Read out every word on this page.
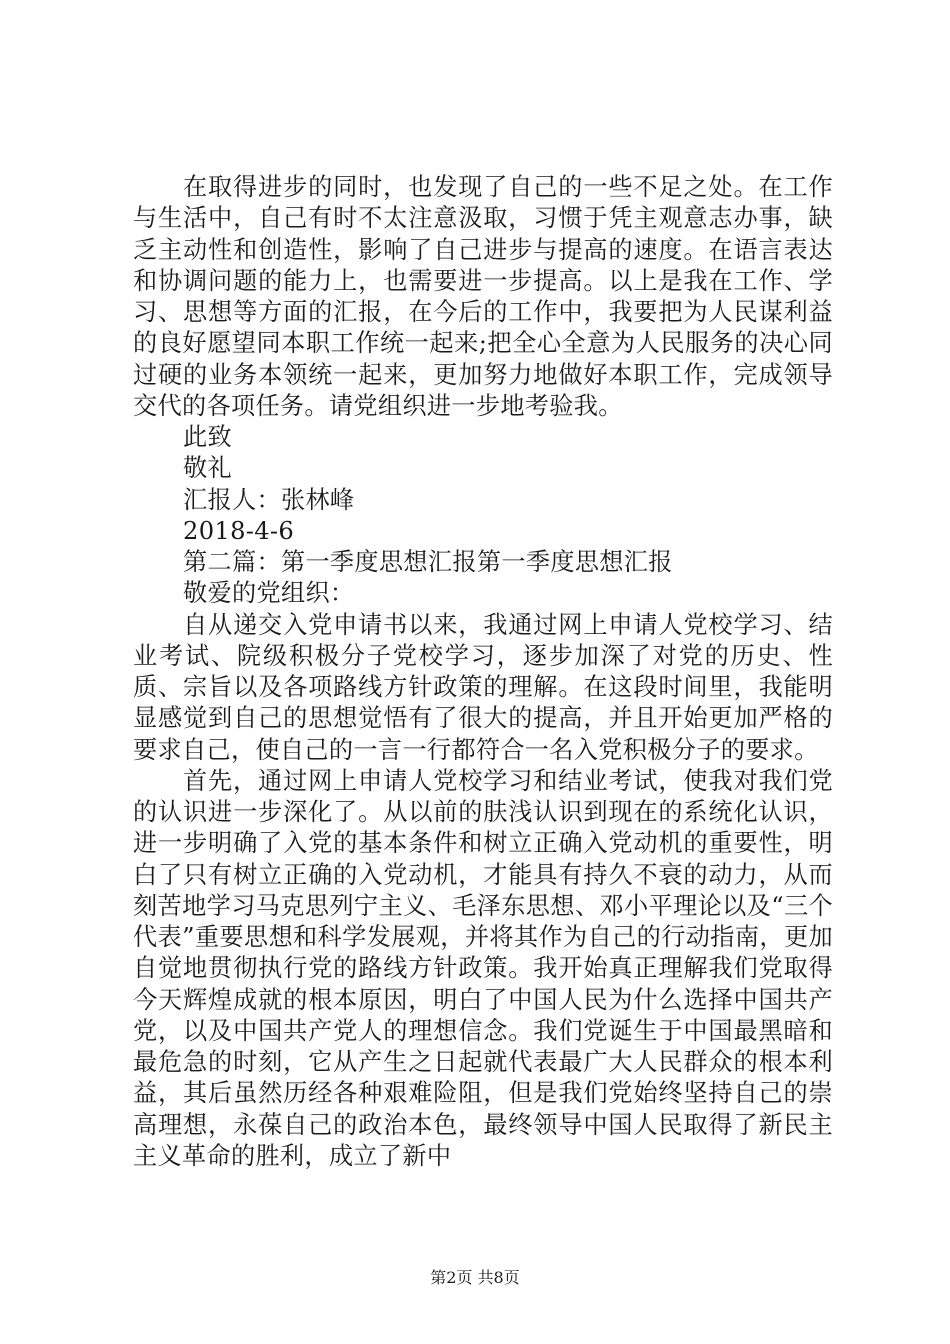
在取得进步的同时，也发现了自己的一些不足之处。在工作与生活中，自己有时不太注意汲取，习惯于凭主观意志办事，缺乏主动性和创造性，影响了自己进步与提高的速度。在语言表达和协调问题的能力上，也需要进一步提高。以上是我在工作、学习、思想等方面的汇报，在今后的工作中，我要把为人民谋利益的良好愿望同本职工作统一起来;把全心全意为人民服务的决心同过硬的业务本领统一起来，更加努力地做好本职工作，完成领导交代的各项任务。请党组织进一步地考验我。

此致

敬礼

汇报人：张林峰

2018-4-6

第二篇：第一季度思想汇报第一季度思想汇报

敬爱的党组织：

自从递交入党申请书以来，我通过网上申请人党校学习、结业考试、院级积极分子党校学习，逐步加深了对党的历史、性质、宗旨以及各项路线方针政策的理解。在这段时间里，我能明显感觉到自己的思想觉悟有了很大的提高，并且开始更加严格的要求自己，使自己的一言一行都符合一名入党积极分子的要求。

首先，通过网上申请人党校学习和结业考试，使我对我们党的认识进一步深化了。从以前的肤浅认识到现在的系统化认识，进一步明确了入党的基本条件和树立正确入党动机的重要性，明白了只有树立正确的入党动机，才能具有持久不衰的动力，从而刻苦地学习马克思列宁主义、毛泽东思想、邓小平理论以及“三个代表”重要思想和科学发展观，并将其作为自己的行动指南，更加自觉地贯彻执行党的路线方针政策。我开始真正理解我们党取得今天辉煌成就的根本原因，明白了中国人民为什么选择中国共产党，以及中国共产党人的理想信念。我们党诞生于中国最黑暗和最危急的时刻，它从产生之日起就代表最广大人民群众的根本利益，其后虽然历经各种艰难险阻，但是我们党始终坚持自己的崇高理想，永葆自己的政治本色，最终领导中国人民取得了新民主主义革命的胜利，成立了新中

第2页 共8页
